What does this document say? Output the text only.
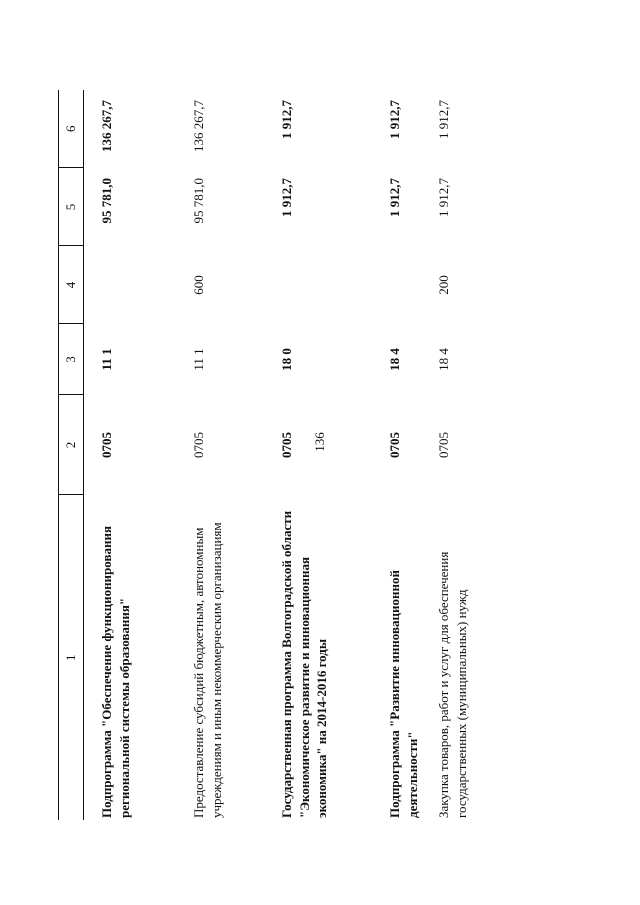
136
1	2	3	4	5	6
Подпрограмма "Обеспечение функционирования региональной системы образования"	0705	11 1		95 781,0	136 267,7
Предоставление субсидий бюджетным, автономным учреждениям и иным некоммерческим организациям	0705	11 1	600	95 781,0	136 267,7
Государственная программа Волгоградской области "Экономическое развитие и инновационная экономика" на 2014-2016 годы	0705	18 0		1 912,7	1 912,7
Подпрограмма "Развитие инновационной деятельности"	0705	18 4		1 912,7	1 912,7
Закупка товаров, работ и услуг для обеспечения государственных (муниципальных) нужд	0705	18 4	200	1 912,7	1 912,7
